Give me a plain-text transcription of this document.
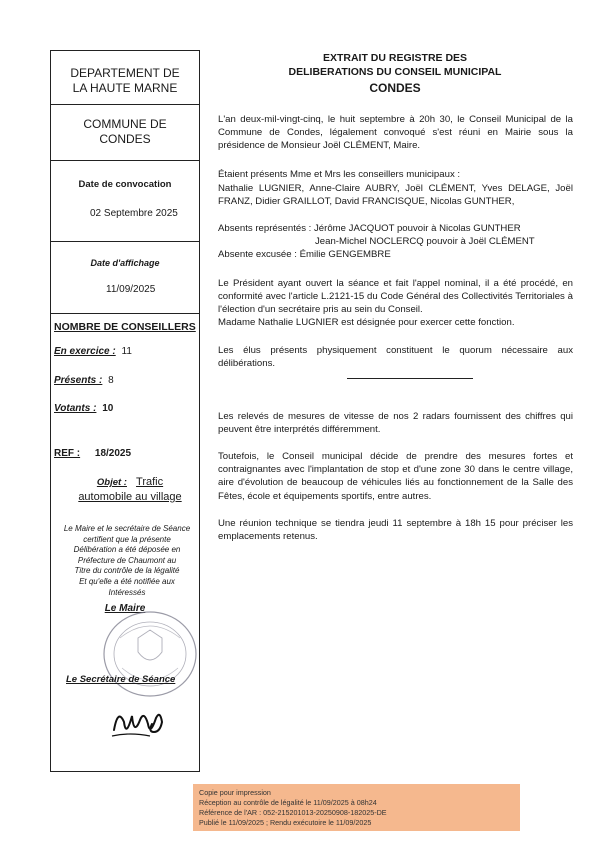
DEPARTEMENT DE
LA HAUTE MARNE
COMMUNE DE
CONDES
Date de convocation
02 Septembre 2025
Date d'affichage
11/09/2025
NOMBRE DE CONSEILLERS
En exercice : 11
Présents : 8
Votants : 10
REF : 18/2025
Objet : Trafic
automobile au village
Le Maire et le secrétaire de Séance
certifient que la présente
Délibération a été déposée en
Préfecture de Chaumont au
Titre du contrôle de la légalité
Et qu'elle a été notifiée aux
Intéressés
Le Maire
Le Secrétaire de Séance
EXTRAIT DU REGISTRE DES
DELIBERATIONS DU CONSEIL MUNICIPAL
CONDES
L'an deux-mil-vingt-cinq, le huit septembre à 20h 30, le Conseil Municipal de la Commune de Condes, légalement convoqué s'est réuni en Mairie sous la présidence de Monsieur Joël CLÉMENT, Maire.
Étaient présents Mme et Mrs les conseillers municipaux :
Nathalie LUGNIER, Anne-Claire AUBRY, Joël CLÉMENT, Yves DELAGE, Joël FRANZ, Didier GRAILLOT, David FRANCISQUE, Nicolas GUNTHER,
Absents représentés : Jérôme JACQUOT pouvoir à Nicolas GUNTHER
Jean-Michel NOCLERCQ pouvoir à Joël CLÉMENT
Absente excusée : Émilie GENGEMBRE
Le Président ayant ouvert la séance et fait l'appel nominal, il a été procédé, en conformité avec l'article L.2121-15 du Code Général des Collectivités Territoriales à l'élection d'un secrétaire pris au sein du Conseil.
Madame Nathalie LUGNIER est désignée pour exercer cette fonction.
Les élus présents physiquement constituent le quorum nécessaire aux délibérations.
Les relevés de mesures de vitesse de nos 2 radars fournissent des chiffres qui peuvent être interprétés différemment.
Toutefois, le Conseil municipal décide de prendre des mesures fortes et contraignantes avec l'implantation de stop et d'une zone 30 dans le centre village, aire d'évolution de beaucoup de véhicules liés au fonctionnement de la Salle des Fêtes, école et équipements sportifs, entre autres.
Une réunion technique se tiendra jeudi 11 septembre à 18h 15 pour préciser les emplacements retenus.
Copie pour impression
Réception au contrôle de légalité le 11/09/2025 à 08h24
Référence de l'AR : 052-215201013-20250908-182025-DE
Publié le 11/09/2025 ; Rendu exécutoire le 11/09/2025
